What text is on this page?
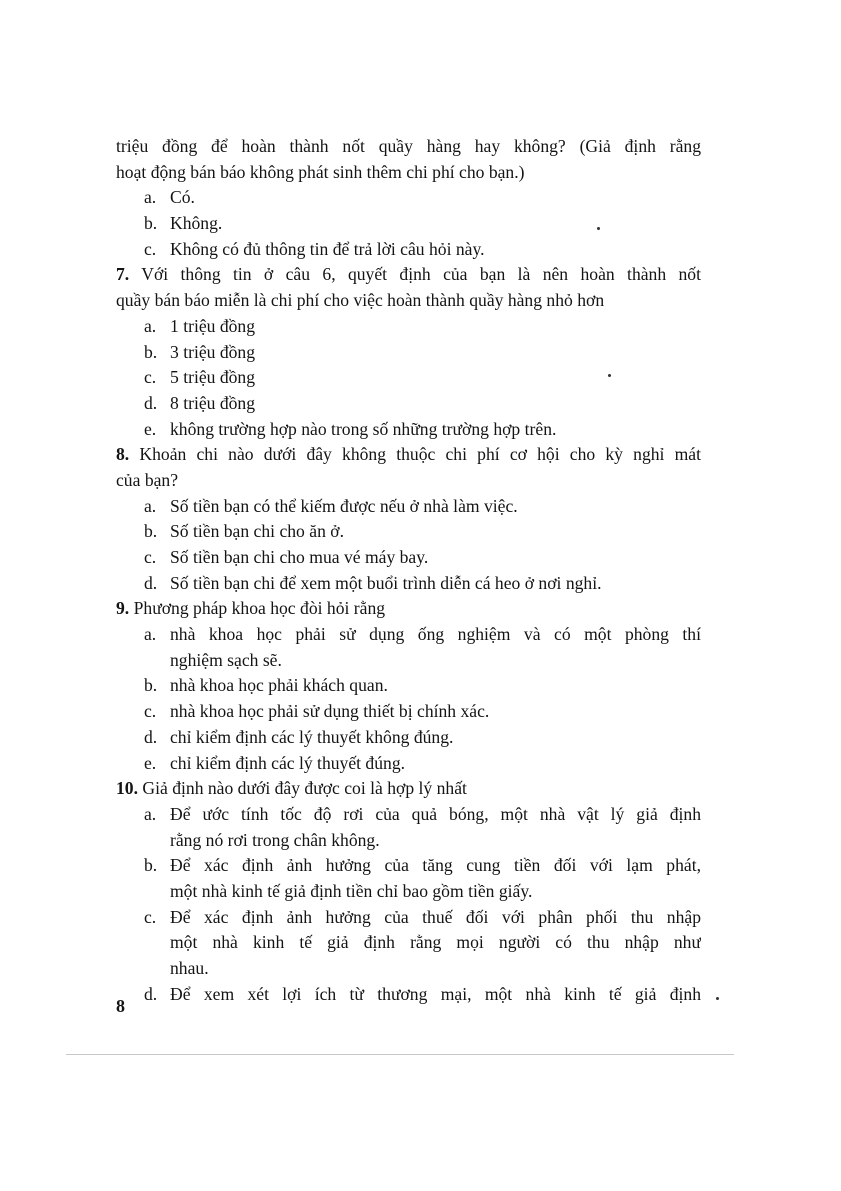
triệu đồng để hoàn thành nốt quầy hàng hay không? (Giả định rằng
hoạt động bán báo không phát sinh thêm chi phí cho bạn.)
a. Có.
b. Không.
c. Không có đủ thông tin để trả lời câu hỏi này.
7. Với thông tin ở câu 6, quyết định của bạn là nên hoàn thành nốt
quầy bán báo miễn là chi phí cho việc hoàn thành quầy hàng nhỏ hơn
a. 1 triệu đồng
b. 3 triệu đồng
c. 5 triệu đồng
d. 8 triệu đồng
e. không trường hợp nào trong số những trường hợp trên.
8. Khoản chi nào dưới đây không thuộc chi phí cơ hội cho kỳ nghỉ mát
của bạn?
a. Số tiền bạn có thể kiếm được nếu ở nhà làm việc.
b. Số tiền bạn chi cho ăn ở.
c. Số tiền bạn chi cho mua vé máy bay.
d. Số tiền bạn chi để xem một buổi trình diễn cá heo ở nơi nghỉ.
9. Phương pháp khoa học đòi hỏi rằng
a. nhà khoa học phải sử dụng ống nghiệm và có một phòng thí
nghiệm sạch sẽ.
b. nhà khoa học phải khách quan.
c. nhà khoa học phải sử dụng thiết bị chính xác.
d. chỉ kiểm định các lý thuyết không đúng.
e. chỉ kiểm định các lý thuyết đúng.
10. Giả định nào dưới đây được coi là hợp lý nhất
a. Để ước tính tốc độ rơi của quả bóng, một nhà vật lý giả định
rằng nó rơi trong chân không.
b. Để xác định ảnh hưởng của tăng cung tiền đối với lạm phát,
một nhà kinh tế giả định tiền chỉ bao gồm tiền giấy.
c. Để xác định ảnh hưởng của thuế đối với phân phối thu nhập
một nhà kinh tế giả định rằng mọi người có thu nhập như
nhau.
d. Để xem xét lợi ích từ thương mại, một nhà kinh tế giả định
8
